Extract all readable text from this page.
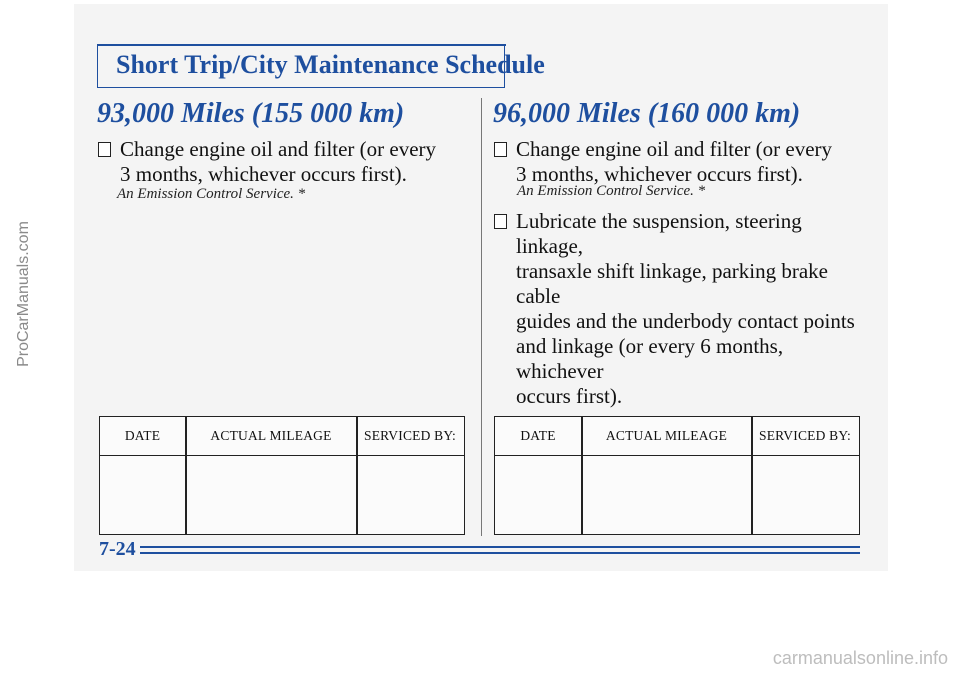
Short Trip/City Maintenance Schedule
93,000 Miles (155 000 km)
Change engine oil and filter (or every
3 months, whichever occurs first).
An Emission Control Service. *
96,000 Miles (160 000 km)
Change engine oil and filter (or every
3 months, whichever occurs first).
An Emission Control Service. *
Lubricate the suspension, steering linkage,
transaxle shift linkage, parking brake cable
guides and the underbody contact points
and linkage (or every 6 months, whichever
occurs first).
DATE	ACTUAL MILEAGE	SERVICED BY:	DATE	ACTUAL MILEAGE	SERVICED BY:
7-24
ProCarManuals.com
carmanualsonline.info
